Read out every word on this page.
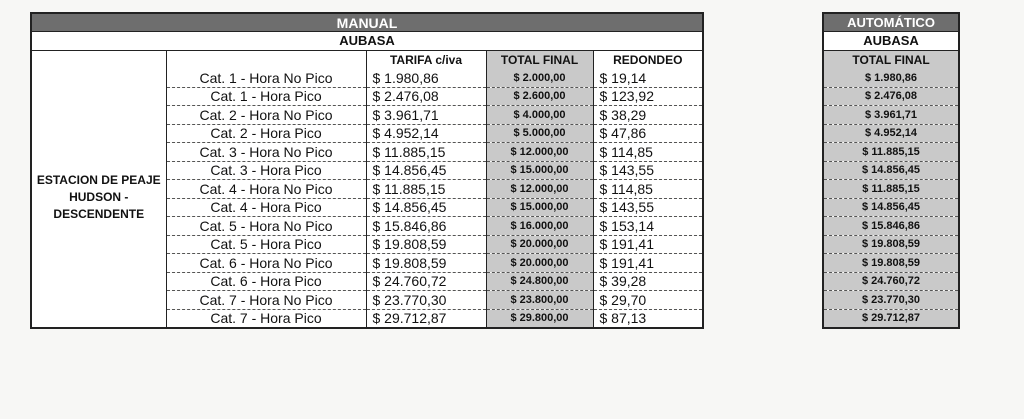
MANUAL				
AUBASA				
		TARIFA c/iva	TOTAL FINAL	REDONDEO
ESTACION DE PEAJE HUDSON - DESCENDENTE	Cat. 1 - Hora No Pico	$ 1.980,86	$ 2.000,00	$ 19,14
	Cat. 1 - Hora Pico	$ 2.476,08	$ 2.600,00	$ 123,92
	Cat. 2 - Hora No Pico	$ 3.961,71	$ 4.000,00	$ 38,29
	Cat. 2 - Hora Pico	$ 4.952,14	$ 5.000,00	$ 47,86
	Cat. 3 - Hora No Pico	$ 11.885,15	$ 12.000,00	$ 114,85
	Cat. 3 - Hora Pico	$ 14.856,45	$ 15.000,00	$ 143,55
	Cat. 4 - Hora No Pico	$ 11.885,15	$ 12.000,00	$ 114,85
	Cat. 4 - Hora Pico	$ 14.856,45	$ 15.000,00	$ 143,55
	Cat. 5 - Hora No Pico	$ 15.846,86	$ 16.000,00	$ 153,14
	Cat. 5 - Hora Pico	$ 19.808,59	$ 20.000,00	$ 191,41
	Cat. 6 - Hora No Pico	$ 19.808,59	$ 20.000,00	$ 191,41
	Cat. 6 - Hora Pico	$ 24.760,72	$ 24.800,00	$ 39,28
	Cat. 7 - Hora No Pico	$ 23.770,30	$ 23.800,00	$ 29,70
	Cat. 7 - Hora Pico	$ 29.712,87	$ 29.800,00	$ 87,13
AUTOMÁTICO
AUBASA
TOTAL FINAL
$ 1.980,86
$ 2.476,08
$ 3.961,71
$ 4.952,14
$ 11.885,15
$ 14.856,45
$ 11.885,15
$ 14.856,45
$ 15.846,86
$ 19.808,59
$ 19.808,59
$ 24.760,72
$ 23.770,30
$ 29.712,87
